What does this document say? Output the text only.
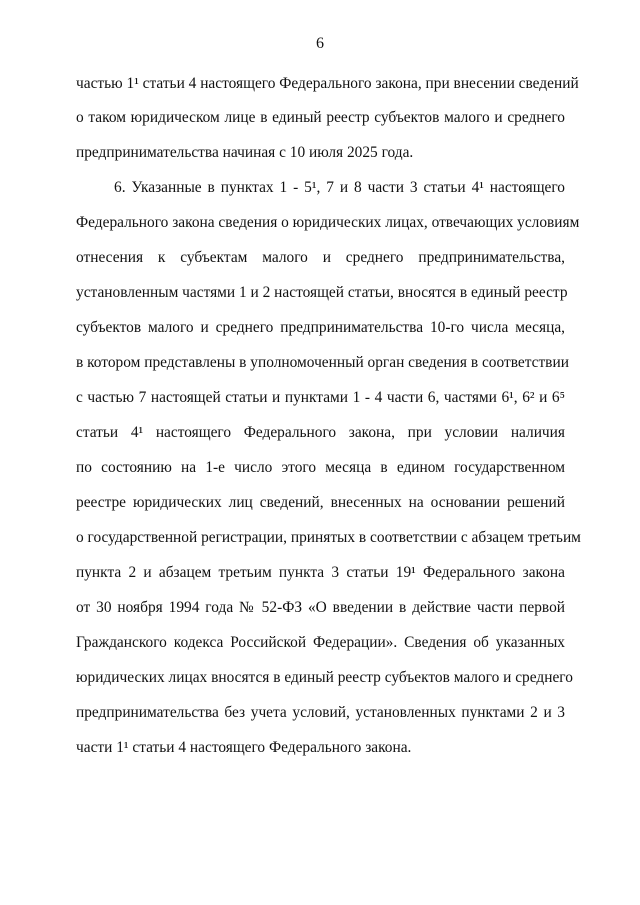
6
частью 1¹ статьи 4 настоящего Федерального закона, при внесении сведений
о таком юридическом лице в единый реестр субъектов малого и среднего
предпринимательства начиная с 10 июля 2025 года.
6. Указанные в пунктах 1 - 5¹, 7 и 8 части 3 статьи 4¹ настоящего
Федерального закона сведения о юридических лицах, отвечающих условиям
отнесения к субъектам малого и среднего предпринимательства,
установленным частями 1 и 2 настоящей статьи, вносятся в единый реестр
субъектов малого и среднего предпринимательства 10-го числа месяца,
в котором представлены в уполномоченный орган сведения в соответствии
с частью 7 настоящей статьи и пунктами 1 - 4 части 6, частями 6¹, 6² и 6⁵
статьи 4¹ настоящего Федерального закона, при условии наличия
по состоянию на 1-е число этого месяца в едином государственном
реестре юридических лиц сведений, внесенных на основании решений
о государственной регистрации, принятых в соответствии с абзацем третьим
пункта 2 и абзацем третьим пункта 3 статьи 19¹ Федерального закона
от 30 ноября 1994 года № 52-ФЗ «О введении в действие части первой
Гражданского кодекса Российской Федерации». Сведения об указанных
юридических лицах вносятся в единый реестр субъектов малого и среднего
предпринимательства без учета условий, установленных пунктами 2 и 3
части 1¹ статьи 4 настоящего Федерального закона.
